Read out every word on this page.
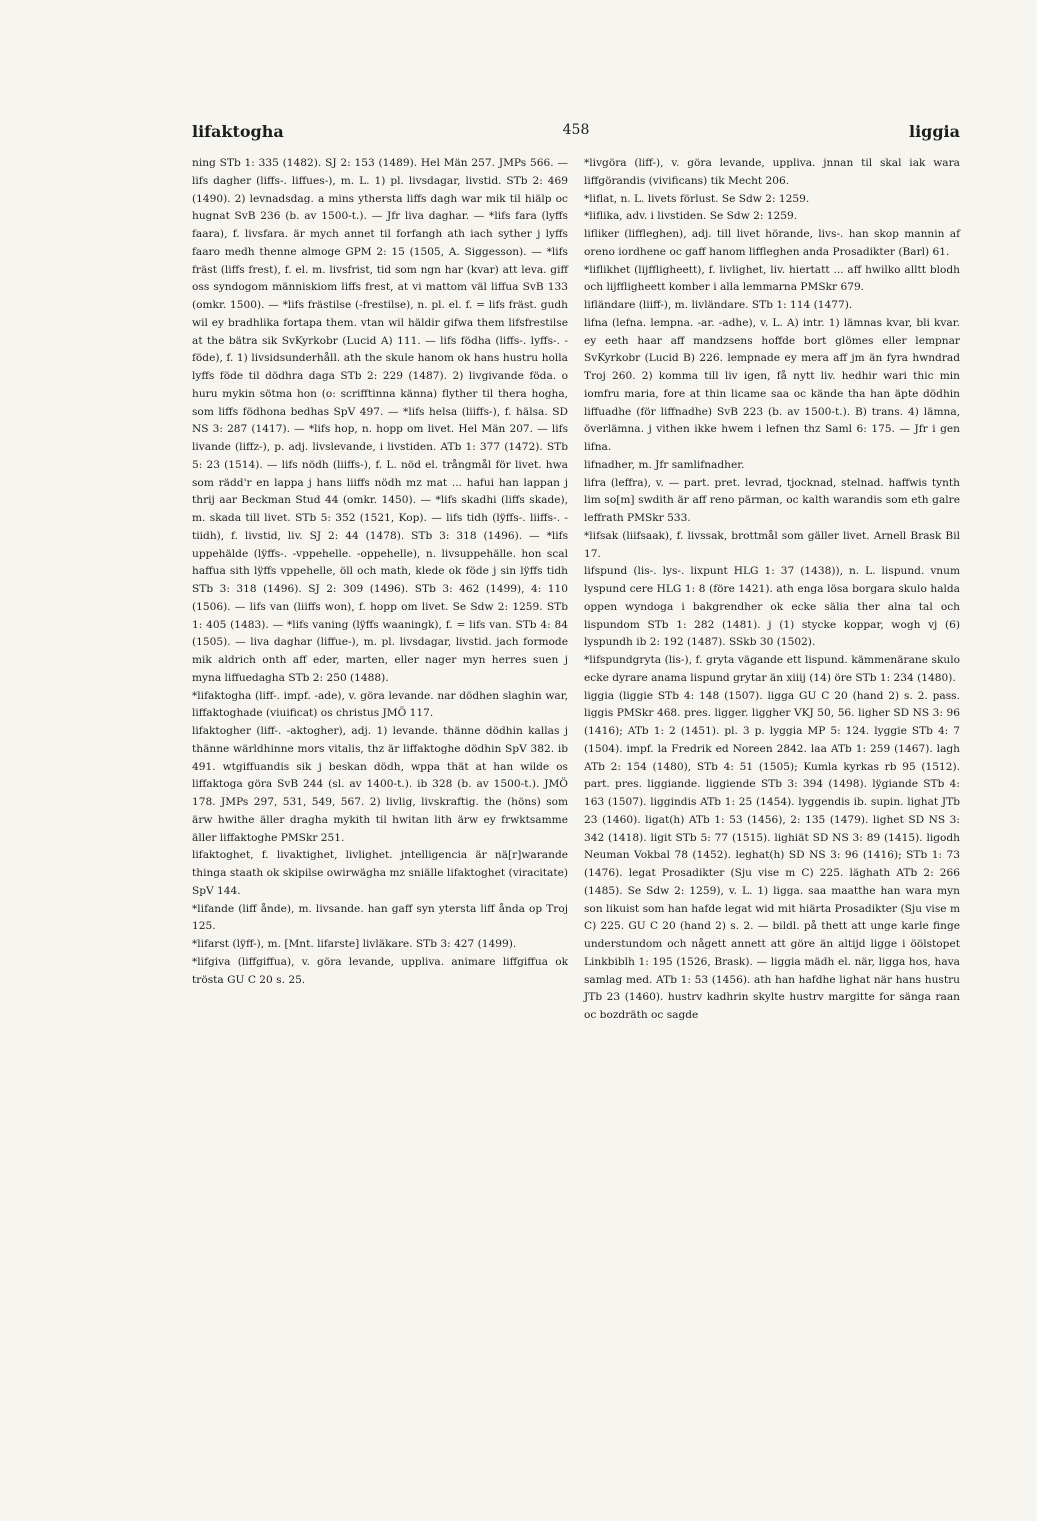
lifaktogha	458	liggia

ning STb 1: 335 (1482). SJ 2: 153 (1489). Hel Män 257. JMPs 566. — lifs dagher (liffs-. liffues-), m. L. 1) pl. livsdagar, livstid. STb 2: 469 (1490). 2) levnadsdag. a mins ythersta liffs dagh war mik til hiälp oc hugnat SvB 236 (b. av 1500-t.). — Jfr liva daghar. — *lifs fara (lyffs faara), f. livsfara. är mych annet til forfangh ath iach syther j lyffs faaro medh thenne almoge GPM 2: 15 (1505, A. Siggesson). — *lifs fräst (liffs frest), f. el. m. livsfrist, tid som ngn har (kvar) att leva. giff oss syndogom människiom liffs frest, at vi mattom väl liffua SvB 133 (omkr. 1500). — *lifs frästilse (-frestilse), n. pl. el. f. = lifs fräst. gudh wil ey bradhlika fortapa them. vtan wil häldir gifwa them lifsfrestilse at the bätra sik SvKyrkobr (Lucid A) 111. — lifs födha (liffs-. lyffs-. -föde), f. 1) livsidsunderhåll. ath the skule hanom ok hans hustru holla lyffs föde til dödhra daga STb 2: 229 (1487). 2) livgivande föda. o huru mykin sötma hon (o: scrifftinna känna) flyther til thera hogha, som liffs födhona bedhas SpV 497. — *lifs helsa (liiffs-), f. hälsa. SD NS 3: 287 (1417). — *lifs hop, n. hopp om livet. Hel Män 207. — lifs livande (liffz-), p. adj. livslevande, i livstiden. ATb 1: 377 (1472). STb 5: 23 (1514). — lifs nödh (liiffs-), f. L. nöd el. trångmål för livet. hwa som rädd'r en lappa j hans liiffs nödh mz mat ... hafui han lappan j thrij aar Beckman Stud 44 (omkr. 1450). — *lifs skadhi (liffs skade), m. skada till livet. STb 5: 352 (1521, Kop). — lifs tidh (lÿffs-. liiffs-. -tiidh), f. livstid, liv. SJ 2: 44 (1478). STb 3: 318 (1496). — *lifs uppehälde (lÿffs-. -vppehelle. -oppehelle), n. livsuppehälle. hon scal haffua sith lÿffs vppehelle, öll och math, klede ok föde j sin lÿffs tidh STb 3: 318 (1496). SJ 2: 309 (1496). STb 3: 462 (1499), 4: 110 (1506). — lifs van (liiffs won), f. hopp om livet. Se Sdw 2: 1259. STb 1: 405 (1483). — *lifs vaning (lÿffs waaningk), f. = lifs van. STb 4: 84 (1505). — liva daghar (liffue-), m. pl. livsdagar, livstid. jach formode mik aldrich onth aff eder, marten, eller nager myn herres suen j myna liffuedagha STb 2: 250 (1488).

*lifaktogha (liff-. impf. -ade), v. göra levande. nar dödhen slaghin war, liffaktoghade (viuificat) os christus JMÖ 117.

lifaktogher (liff-. -aktogher), adj. 1) levande. thänne dödhin kallas j thänne wärldhinne mors vitalis, thz är liffaktoghe dödhin SpV 382. ib 491. wtgiffuandis sik j beskan dödh, wppa thät at han wilde os liffaktoga göra SvB 244 (sl. av 1400-t.). ib 328 (b. av 1500-t.). JMÖ 178. JMPs 297, 531, 549, 567. 2) livlig, livskraftig. the (höns) som ärw hwithe äller dragha mykith til hwitan lith ärw ey frwktsamme äller liffaktoghe PMSkr 251.

lifaktoghet, f. livaktighet, livlighet. jntelligencia är nä[r]warande thinga staath ok skipilse owirwägha mz sniälle lifaktoghet (viracitate) SpV 144.

*lifande (liff ånde), m. livsande. han gaff syn ytersta liff ånda op Troj 125.

*lifarst (lÿff-), m. [Mnt. lifarste] livläkare. STb 3: 427 (1499).

*lifgiva (liffgiffua), v. göra levande, uppliva. animare liffgiffua ok trösta GU C 20 s. 25.

*livgöra (liff-), v. göra levande, uppliva. jnnan til skal iak wara liffgörandis (vivificans) tik Mecht 206.

*liflat, n. L. livets förlust. Se Sdw 2: 1259.

*liflika, adv. i livstiden. Se Sdw 2: 1259.

lifliker (liffleghen), adj. till livet hörande, livs-. han skop mannin af oreno iordhene oc gaff hanom liffleghen anda Prosadikter (Barl) 61.

*liflikhet (lijffligheett), f. livlighet, liv. hiertatt ... aff hwilko alltt blodh och lijffligheett komber i alla lemmarna PMSkr 679.

lifländare (liiff-), m. livländare. STb 1: 114 (1477).

lifna (lefna. lempna. -ar. -adhe), v. L. A) intr. 1) lämnas kvar, bli kvar. ey eeth haar aff mandzsens hoffde bort glömes eller lempnar SvKyrkobr (Lucid B) 226. lempnade ey mera aff jm än fyra hwndrad Troj 260. 2) komma till liv igen, få nytt liv. hedhir wari thic min iomfru maria, fore at thin licame saa oc kände tha han äpte dödhin liffuadhe (för liffnadhe) SvB 223 (b. av 1500-t.). B) trans. 4) lämna, överlämna. j vithen ikke hwem i lefnen thz Saml 6: 175. — Jfr i gen lifna.

lifnadher, m. Jfr samlifnadher.

lifra (leffra), v. — part. pret. levrad, tjocknad, stelnad. haffwis tynth lim so[m] swdith är aff reno pärman, oc kalth warandis som eth galre leffrath PMSkr 533.

*lifsak (liifsaak), f. livssak, brottmål som gäller livet. Arnell Brask Bil 17.

lifspund (lis-. lys-. lixpunt HLG 1: 37 (1438)), n. L. lispund. vnum lyspund cere HLG 1: 8 (före 1421). ath enga lösa borgara skulo halda oppen wyndoga i bakgrendher ok ecke sälia ther alna tal och lispundom STb 1: 282 (1481). j (1) stycke koppar, wogh vj (6) lyspundh ib 2: 192 (1487). SSkb 30 (1502).

*lifspundgryta (lis-), f. gryta vägande ett lispund. kämmenärane skulo ecke dyrare anama lispund grytar än xiiij (14) öre STb 1: 234 (1480).

liggia (liggie STb 4: 148 (1507). ligga GU C 20 (hand 2) s. 2. pass. liggis PMSkr 468. pres. ligger. liggher VKJ 50, 56. ligher SD NS 3: 96 (1416); ATb 1: 2 (1451). pl. 3 p. lyggia MP 5: 124. lyggie STb 4: 7 (1504). impf. la Fredrik ed Noreen 2842. laa ATb 1: 259 (1467). lagh ATb 2: 154 (1480), STb 4: 51 (1505); Kumla kyrkas rb 95 (1512). part. pres. liggiande. liggiende STb 3: 394 (1498). lÿgiande STb 4: 163 (1507). liggindis ATb 1: 25 (1454). lyggendis ib. supin. lighat JTb 23 (1460). ligat(h) ATb 1: 53 (1456), 2: 135 (1479). lighet SD NS 3: 342 (1418). ligit STb 5: 77 (1515). lighiät SD NS 3: 89 (1415). ligodh Neuman Vokbal 78 (1452). leghat(h) SD NS 3: 96 (1416); STb 1: 73 (1476). legat Prosadikter (Sju vise m C) 225. läghath ATb 2: 266 (1485). Se Sdw 2: 1259), v. L. 1) ligga. saa maatthe han wara myn son likuist som han hafde legat wid mit hiärta Prosadikter (Sju vise m C) 225. GU C 20 (hand 2) s. 2. — bildl. på thett att unge karle finge understundom och någett annett att göre än altijd ligge i öölstopet Linkbiblh 1: 195 (1526, Brask). — liggia mädh el. när, ligga hos, hava samlag med. ATb 1: 53 (1456). ath han hafdhe lighat när hans hustru JTb 23 (1460). hustrv kadhrin skylte hustrv margitte for sänga raan oc bozdräth oc sagde
